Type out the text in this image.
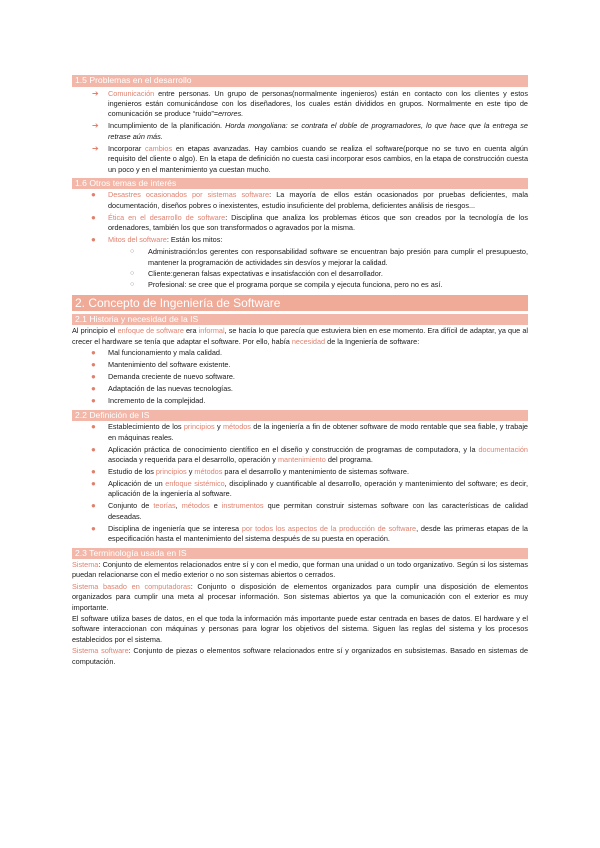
1.5 Problemas en el desarrollo
➔ Comunicación entre personas. Un grupo de personas(normalmente ingenieros) están en contacto con los clientes y estos ingenieros están comunicándose con los diseñadores, los cuales están divididos en grupos. Normalmente en este tipo de comunicación se produce “ruido”=errores.
➔ Incumplimiento de la planificación. Horda mongoliana: se contrata el doble de programadores, lo que hace que la entrega se retrase aún más.
➔ Incorporar cambios en etapas avanzadas. Hay cambios cuando se realiza el software(porque no se tuvo en cuenta algún requisito del cliente o algo). En la etapa de definición no cuesta casi incorporar esos cambios, en la etapa de construcción cuesta un poco y en el mantenimiento ya cuestan mucho.
1.6 Otros temas de interés
● Desastres ocasionados por sistemas software: La mayoría de ellos están ocasionados por pruebas deficientes, mala documentación, diseños pobres o inexistentes, estudio insuficiente del problema, deficientes análisis de riesgos...
● Ética en el desarrollo de software: Disciplina que analiza los problemas éticos que son creados por la tecnología de los ordenadores, también los que son transformados o agravados por la misma.
● Mitos del software: Están los mitos:
○ Administración:los gerentes con responsabilidad software se encuentran bajo presión para cumplir el presupuesto, mantener la programación de actividades sin desvíos y mejorar la calidad.
○ Cliente:generan falsas expectativas e insatisfacción con el desarrollador.
○ Profesional: se cree que el programa porque se compila y ejecuta funciona, pero no es así.
2. Concepto de Ingeniería de Software
2.1 Historia y necesidad de la IS

Al principio el enfoque de software era informal, se hacía lo que parecía que estuviera bien en ese momento. Era difícil de adaptar, ya que al crecer el hardware se tenía que adaptar el software. Por ello, había necesidad de la Ingeniería de software:

● Mal funcionamiento y mala calidad.
● Mantenimiento del software existente.
● Demanda creciente de nuevo software.
● Adaptación de las nuevas tecnologías.
● Incremento de la complejidad.
2.2 Definición de IS
● Establecimiento de los principios y métodos de la ingeniería a fin de obtener software de modo rentable que sea fiable, y trabaje en máquinas reales.
● Aplicación práctica de conocimiento científico en el diseño y construcción de programas de computadora, y la documentación asociada y requerida para el desarrollo, operación y mantenimiento del programa.
● Estudio de los principios y métodos para el desarrollo y mantenimiento de sistemas software.
● Aplicación de un enfoque sistémico, disciplinado y cuantificable al desarrollo, operación y mantenimiento del software; es decir, aplicación de la ingeniería al software.
● Conjunto de teorías, métodos e instrumentos que permitan construir sistemas software con las características de calidad deseadas.
● Disciplina de ingeniería que se interesa por todos los aspectos de la producción de software, desde las primeras etapas de la especificación hasta el mantenimiento del sistema después de su puesta en operación.
2.3 Terminología usada en IS

Sistema: Conjunto de elementos relacionados entre sí y con el medio, que forman una unidad o un todo organizativo. Según si los sistemas puedan relacionarse con el medio exterior o no son sistemas abiertos o cerrados.

Sistema basado en computadoras: Conjunto o disposición de elementos organizados para cumplir una disposición de elementos organizados para cumplir una meta al procesar información. Son sistemas abiertos ya que la comunicación con el exterior es muy importante.

El software utiliza bases de datos, en el que toda la información más importante puede estar centrada en bases de datos. El hardware y el software interaccionan con máquinas y personas para lograr los objetivos del sistema. Siguen las reglas del sistema y los procesos establecidos por el sistema.

Sistema software: Conjunto de piezas o elementos software relacionados entre sí y organizados en subsistemas. Basado en sistemas de computación.
